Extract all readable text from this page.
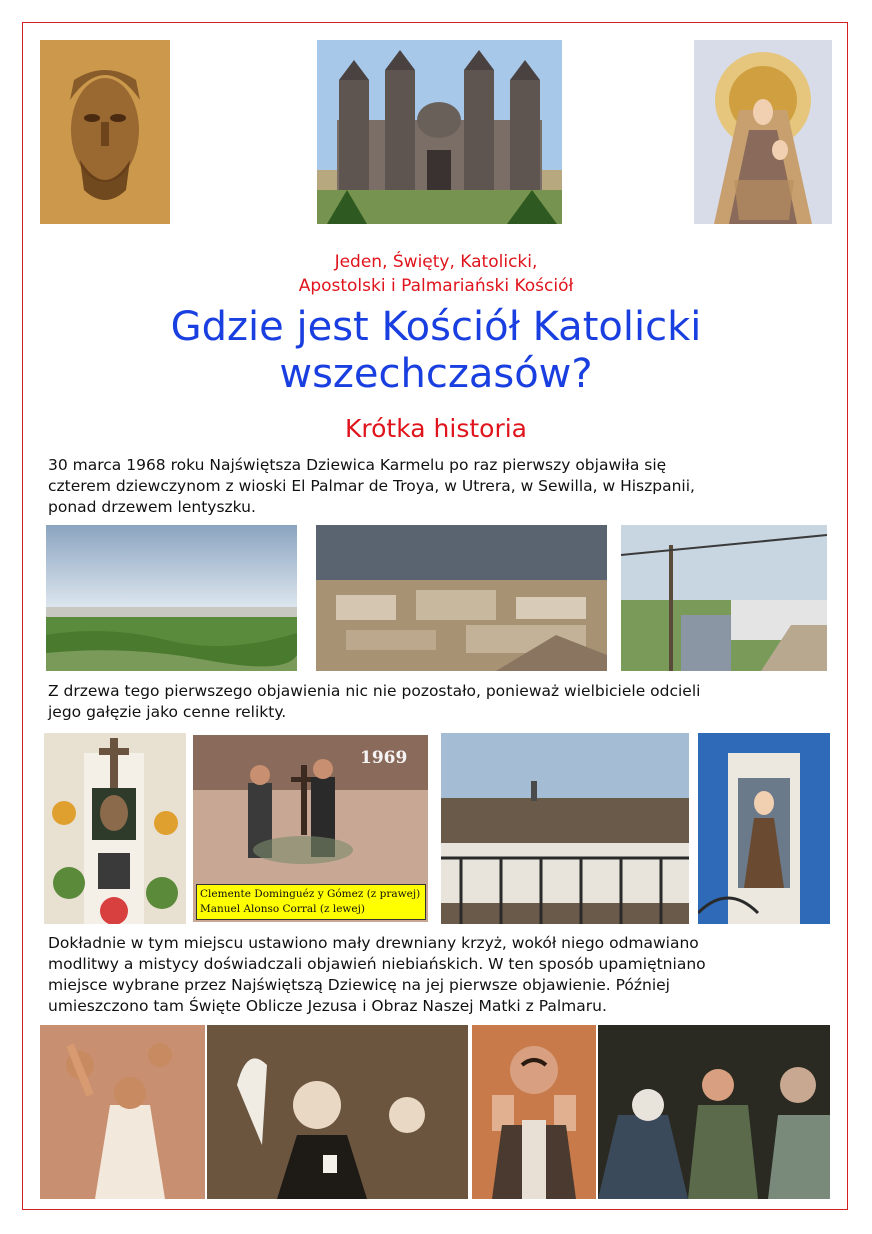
Jeden, Święty, Katolicki,
Apostolski i Palmariański Kościół
Gdzie jest Kościół Katolicki
wszechczasów?
Krótka historia
30 marca 1968 roku Najświętsza Dziewica Karmelu po raz pierwszy objawiła się
czterem dziewczynom z wioski El Palmar de Troya, w Utrera, w Sewilla, w Hiszpanii,
ponad drzewem lentyszku.
Z drzewa tego pierwszego objawienia nic nie pozostało, ponieważ wielbiciele odcieli
jego gałęzie jako cenne relikty.
1969
Clemente Dominguéz y Gómez (z prawej)
Manuel Alonso Corral (z lewej)
Dokładnie w tym miejscu ustawiono mały drewniany krzyż, wokół niego odmawiano
modlitwy a mistycy doświadczali objawień niebiańskich. W ten sposób upamiętniano
miejsce wybrane przez Najświętszą Dziewicę na jej pierwsze objawienie. Później
umieszczono tam Święte Oblicze Jezusa i Obraz Naszej Matki z Palmaru.
